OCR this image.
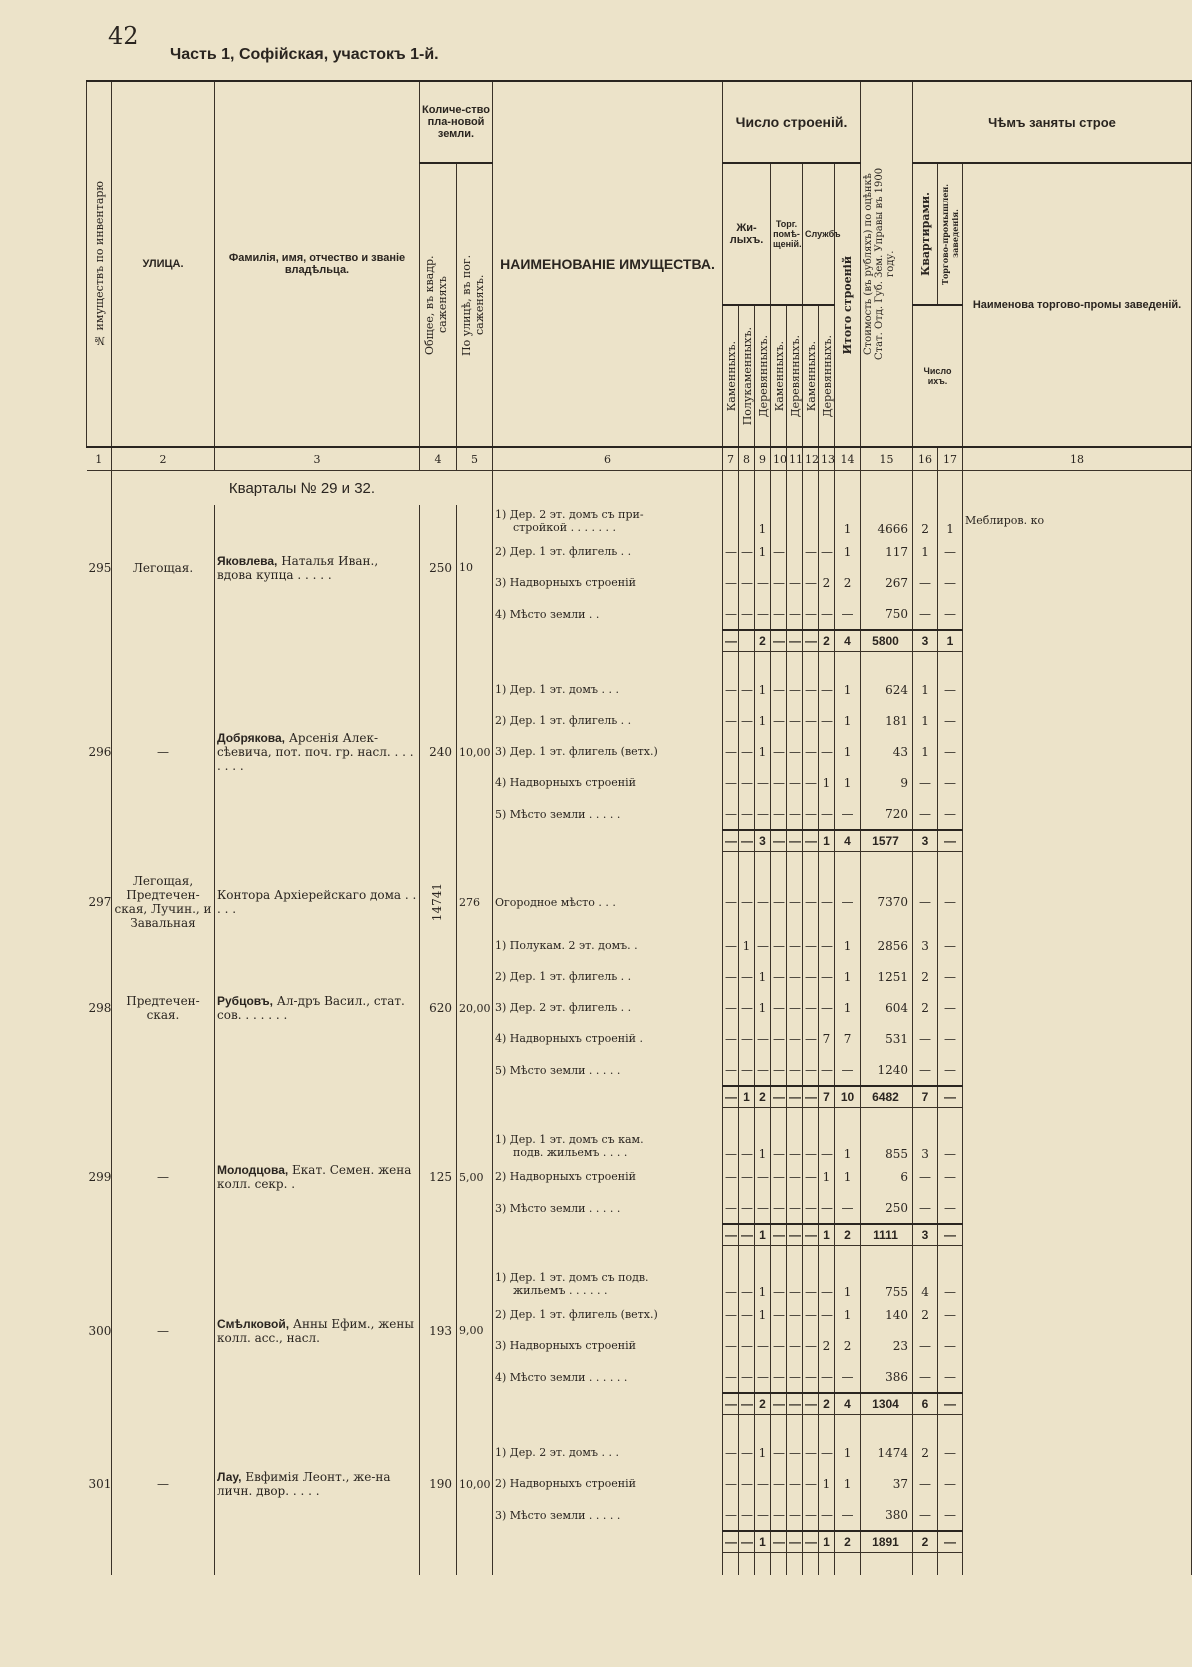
42
Часть 1, Софійская, участокъ 1-й.
№ имуществъ по инвентарю	УЛИЦА.	Фамилія, имя, отчество и званіе владѣльца.	Количе-ство пла-новой земли.		НАИМЕНОВАНІЕ ИМУЩЕСТВА.	Число строеній.								Стоимость (въ рубляхъ) по оцѣнкѣ Стат. Отд. Губ. Зем. Управы въ 1900 году.	Чѣмъ заняты строе		

			Общее, въ квадр. саженяхъ	По улицѣ, въ пог. саженяхъ.		Жи-лыхъ.			Торг. помѣ-щеній.		Службъ		Итого строеній		Квартирами.	Торгово-промышлен. заведенія.	Наименова торгово-промы заведеній.

						Каменныхъ.	Полукаменныхъ.	Деревянныхъ.	Каменныхъ.	Деревянныхъ.	Каменныхъ.	Деревянныхъ.			Число ихъ.		
1	2	3	4	5	6	7	8	9	10	11	12	13	14	15	16	17	18
	Кварталы № 29 и 32.																
295	Легощая.	Яковлева, Наталья Иван., вдова купца . . . . .	250	10	1) Дер. 2 эт. домъ съ при-
стройкой . . . . . . .			1					1	4666	2	1	Меблиров. ко

					2) Дер. 1 эт. флигель . .	—	—	1	—		—	—	1	117	1	—	

					3) Надворныхъ строеній	—	—	—	—	—	—	2	2	267	—	—	

					4) Мѣсто земли . .	—	—	—	—	—	—	—	—	750	—	—	
						—		2	—	—	—	2	4	5800	3	1	

296	—	Добрякова, Арсенія Алек-сѣевича, пот. поч. гр. насл. . . . . . . .	240	10,00	1) Дер. 1 эт. домъ . . .	—	—	1	—	—	—	—	1	624	1	—	

					2) Дер. 1 эт. флигель . .	—	—	1	—	—	—	—	1	181	1	—	

					3) Дер. 1 эт. флигель (ветх.)	—	—	1	—	—	—	—	1	43	1	—	

					4) Надворныхъ строеній	—	—	—	—	—	—	1	1	9	—	—	

					5) Мѣсто земли . . . . .	—	—	—	—	—	—	—	—	720	—	—	
						—	—	3	—	—	—	1	4	1577	3	—	

297	Легощая, Предтечен-ская, Лучин., и Завальная	Контора Архіерейскаго дома . . . . .	14741	276	Огородное мѣсто . . .	—	—	—	—	—	—	—	—	7370	—	—	
298	Предтечен-ская.	Рубцовъ, Ал-дръ Васил., стат. сов. . . . . . .	620	20,00	1) Полукам. 2 эт. домъ. .	—	1	—	—	—	—	—	1	2856	3	—	

					2) Дер. 1 эт. флигель . .	—	—	1	—	—	—	—	1	1251	2	—	

					3) Дер. 2 эт. флигель . .	—	—	1	—	—	—	—	1	604	2	—	

					4) Надворныхъ строеній .	—	—	—	—	—	—	7	7	531	—	—	

					5) Мѣсто земли . . . . .	—	—	—	—	—	—	—	—	1240	—	—	
						—	1	2	—	—	—	7	10	6482	7	—	

299	—	Молодцова, Екат. Семен. жена колл. секр. .	125	5,00	1) Дер. 1 эт. домъ съ кам.
подв. жильемъ . . . .	—	—	1	—	—	—	—	1	855	3	—	

					2) Надворныхъ строеній	—	—	—	—	—	—	1	1	6	—	—	

					3) Мѣсто земли . . . . .	—	—	—	—	—	—	—	—	250	—	—	
						—	—	1	—	—	—	1	2	1111	3	—	

300	—	Смѣлковой, Анны Ефим., жены колл. асс., насл.	193	9,00	1) Дер. 1 эт. домъ съ подв.
жильемъ . . . . . .	—	—	1	—	—	—	—	1	755	4	—	

					2) Дер. 1 эт. флигель (ветх.)	—	—	1	—	—	—	—	1	140	2	—	

					3) Надворныхъ строеній	—	—	—	—	—	—	2	2	23	—	—	

					4) Мѣсто земли . . . . . .	—	—	—	—	—	—	—	—	386	—	—	
						—	—	2	—	—	—	2	4	1304	6	—	

301	—	Лау, Евфимія Леонт., же-на личн. двор. . . . .	190	10,00	1) Дер. 2 эт. домъ . . .	—	—	1	—	—	—	—	1	1474	2	—	

					2) Надворныхъ строеній	—	—	—	—	—	—	1	1	37	—	—	

					3) Мѣсто земли . . . . .	—	—	—	—	—	—	—	—	380	—	—	
						—	—	1	—	—	—	1	2	1891	2	—	
